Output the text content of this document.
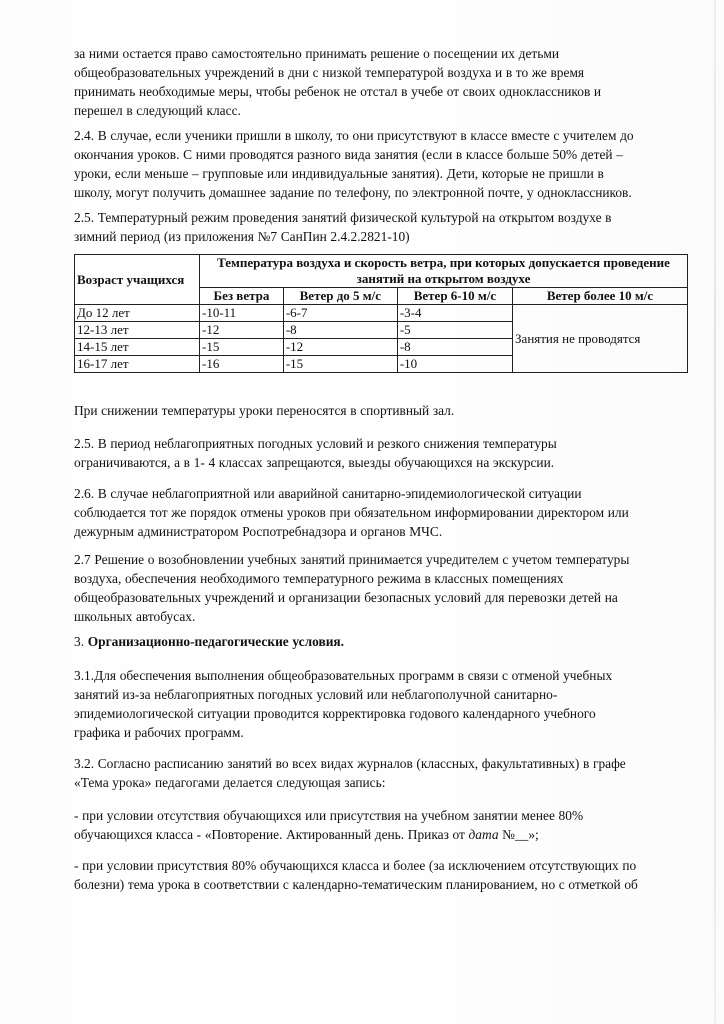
за ними остается право самостоятельно принимать решение о посещении их детьми
общеобразовательных учреждений в дни с низкой температурой воздуха и в то же время
принимать необходимые меры, чтобы ребенок не отстал в учебе от своих одноклассников и
перешел в следующий класс.

2.4. В случае, если ученики пришли в школу, то они присутствуют в классе вместе с учителем до
окончания уроков. С ними проводятся разного вида занятия (если в классе больше 50% детей –
уроки, если меньше – групповые или индивидуальные занятия). Дети, которые не пришли в
школу, могут получить домашнее задание по телефону, по электронной почте, у одноклассников.

2.5. Температурный режим проведения занятий физической культурой на открытом воздухе в
зимний период (из приложения №7 СанПин 2.4.2.2821-10)

Возраст учащихся	Температура воздуха и скорость ветра, при которых допускается проведение занятий на открытом воздухе			
	Без ветра	Ветер до 5 м/с	Ветер 6-10 м/с	Ветер более 10 м/с
До 12 лет	-10-11	-6-7	-3-4	Занятия не проводятся
12-13 лет	-12	-8	-5	
14-15 лет	-15	-12	-8	
16-17 лет	-16	-15	-10	

При снижении температуры уроки переносятся в спортивный зал.

2.5. В период неблагоприятных погодных условий и резкого снижения температуры
ограничиваются, а в 1- 4 классах запрещаются, выезды обучающихся на экскурсии.

2.6. В случае неблагоприятной или аварийной санитарно-эпидемиологической ситуации
соблюдается тот же порядок отмены уроков при обязательном информировании директором или
дежурным администратором Роспотребнадзора и органов МЧС.

2.7 Решение о возобновлении учебных занятий принимается учредителем с учетом температуры
воздуха, обеспечения необходимого температурного режима в классных помещениях
общеобразовательных учреждений и организации безопасных условий для перевозки детей на
школьных автобусах.

3. Организационно-педагогические условия.

3.1.Для обеспечения выполнения общеобразовательных программ в связи с отменой учебных
занятий из-за неблагоприятных погодных условий или неблагополучной санитарно-
эпидемиологической ситуации проводится корректировка годового календарного учебного
графика и рабочих программ.

3.2. Согласно расписанию занятий во всех видах журналов (классных, факультативных) в графе
«Тема урока» педагогами делается следующая запись:

- при условии отсутствия обучающихся или присутствия на учебном занятии менее 80%
обучающихся класса - «Повторение. Актированный день. Приказ от дата №__»;

- при условии присутствия 80% обучающихся класса и более (за исключением отсутствующих по
болезни) тема урока в соответствии с календарно-тематическим планированием, но с отметкой об
